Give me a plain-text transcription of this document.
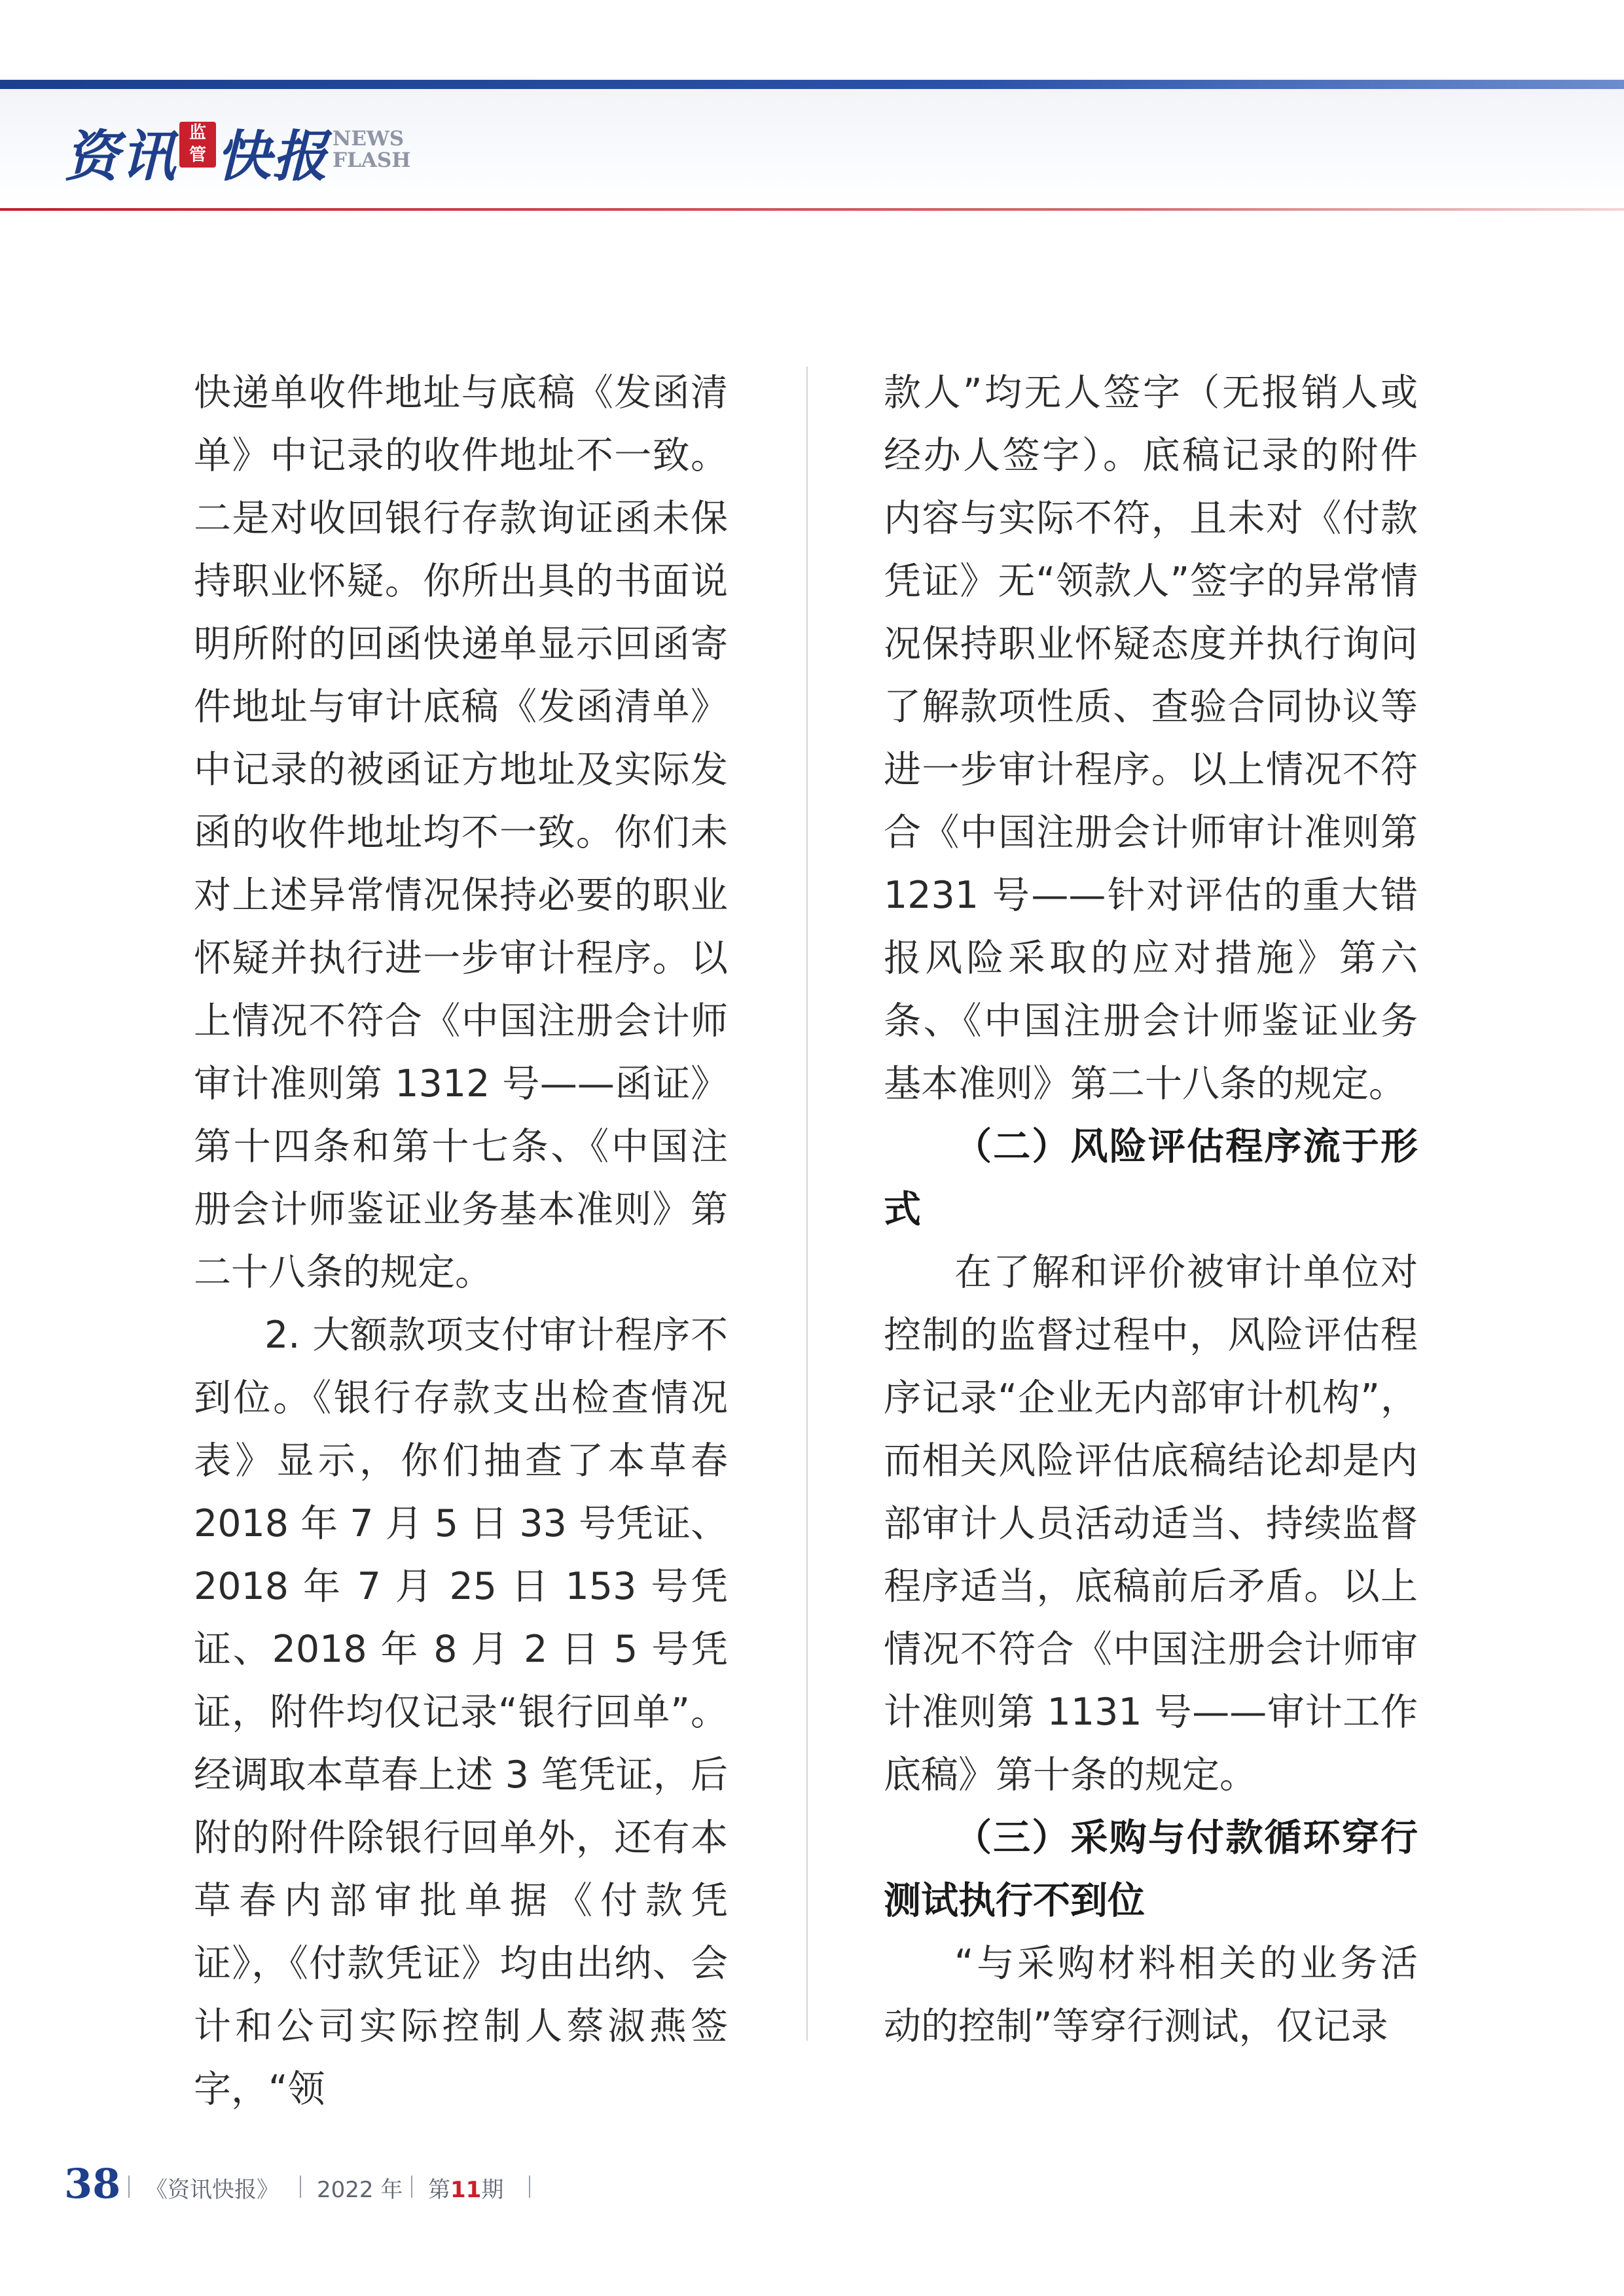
资讯 监
管 快报 NEWS
FLASH

快递单收件地址与底稿《发函清单》中记录的收件地址不一致。二是对收回银行存款询证函未保持职业怀疑。你所出具的书面说明所附的回函快递单显示回函寄件地址与审计底稿《发函清单》中记录的被函证方地址及实际发函的收件地址均不一致。你们未对上述异常情况保持必要的职业怀疑并执行进一步审计程序。以上情况不符合《中国注册会计师审计准则第 1312 号——函证》第十四条和第十七条、《中国注册会计师鉴证业务基本准则》第二十八条的规定。

2. 大额款项支付审计程序不到位。《银行存款支出检查情况表》显示，你们抽查了本草春 2018 年 7 月 5 日 33 号凭证、2018 年 7 月 25 日 153 号凭证、2018 年 8 月 2 日 5 号凭证，附件均仅记录“银行回单”。经调取本草春上述 3 笔凭证，后附的附件除银行回单外，还有本草春内部审批单据《付款凭证》，《付款凭证》均由出纳、会计和公司实际控制人蔡淑燕签字，“领

款人”均无人签字（无报销人或经办人签字）。底稿记录的附件内容与实际不符，且未对《付款凭证》无“领款人”签字的异常情况保持职业怀疑态度并执行询问了解款项性质、查验合同协议等进一步审计程序。以上情况不符合《中国注册会计师审计准则第 1231 号——针对评估的重大错报风险采取的应对措施》第六条、《中国注册会计师鉴证业务基本准则》第二十八条的规定。

（二）风险评估程序流于形式

在了解和评价被审计单位对控制的监督过程中，风险评估程序记录“企业无内部审计机构”，而相关风险评估底稿结论却是内部审计人员活动适当、持续监督程序适当，底稿前后矛盾。以上情况不符合《中国注册会计师审计准则第 1131 号——审计工作底稿》第十条的规定。

（三）采购与付款循环穿行测试执行不到位

“与采购材料相关的业务活动的控制”等穿行测试，仅记录

38 《资讯快报》 2022 年 第11期
